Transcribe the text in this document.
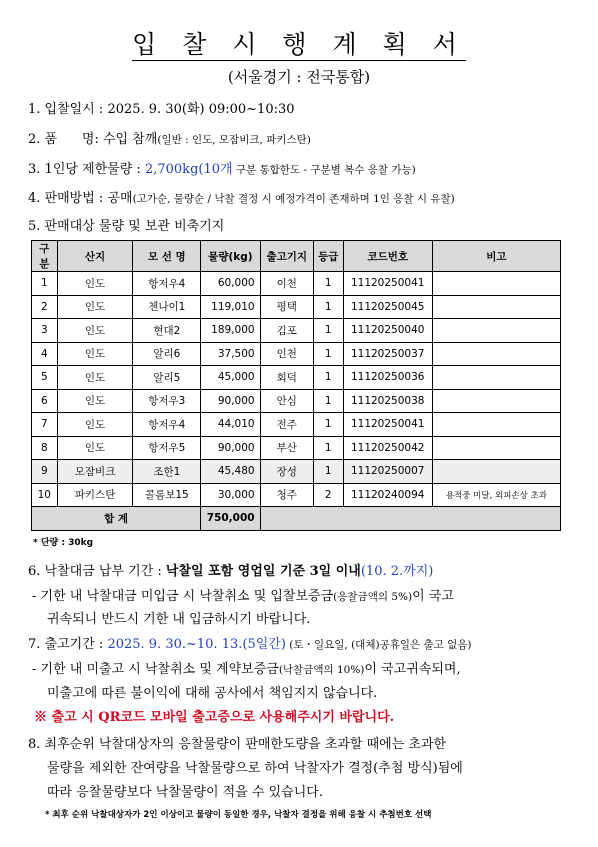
입 찰 시 행 계 획 서
(서울경기 : 전국통합)
1. 입찰일시 : 2025. 9. 30(화) 09:00~10:30
2. 품      명: 수입 참깨(일반 : 인도, 모잠비크, 파키스탄)
3. 1인당 제한물량 : 2,700kg(10개 구분 통합한도 - 구분별 복수 응찰 가능)
4. 판매방법 : 공매(고가순, 물량순 / 낙찰 결정 시 예정가격이 존재하며 1인 응찰 시 유찰)
5. 판매대상 물량 및 보관 비축기지
구분	산지	모 선 명	물량(kg)	출고기지	등급	코드번호	비고
1	인도	항저우4	60,000	이천	1	11120250041	
2	인도	첸나이1	119,010	평택	1	11120250045	
3	인도	현대2	189,000	김포	1	11120250040	
4	인도	알리6	37,500	인천	1	11120250037	
5	인도	알리5	45,000	회덕	1	11120250036	
6	인도	항저우3	90,000	안심	1	11120250038	
7	인도	항저우4	44,010	전주	1	11120250041	
8	인도	항저우5	90,000	부산	1	11120250042	
9	모잠비크	조한1	45,480	장성	1	11120250007	
10	파키스탄	콜롬보15	30,000	청주	2	11120240094	용적중 미달, 외피손상 초과
합 계			750,000				
* 단량 : 30kg
6. 낙찰대금 납부 기간 : 낙찰일 포함 영업일 기준 3일 이내(10. 2.까지)
- 기한 내 낙찰대금 미입금 시 낙찰취소 및 입찰보증금(응찰금액의 5%)이 국고
귀속되니 반드시 기한 내 입금하시기 바랍니다.
7. 출고기간 : 2025. 9. 30.~10. 13.(5일간) (토・일요일, (대체)공휴일은 출고 없음)
- 기한 내 미출고 시 낙찰취소 및 계약보증금(낙찰금액의 10%)이 국고귀속되며,
미출고에 따른 불이익에 대해 공사에서 책임지지 않습니다.
※ 출고 시 QR코드 모바일 출고증으로 사용해주시기 바랍니다.
8. 최후순위 낙찰대상자의 응찰물량이 판매한도량을 초과할 때에는 초과한
물량을 제외한 잔여량을 낙찰물량으로 하여 낙찰자가 결정(추첨 방식)됨에
따라 응찰물량보다 낙찰물량이 적을 수 있습니다.
* 최후 순위 낙찰대상자가 2인 이상이고 물량이 동일한 경우, 낙찰자 결정을 위해 응찰 시 추첨번호 선택
